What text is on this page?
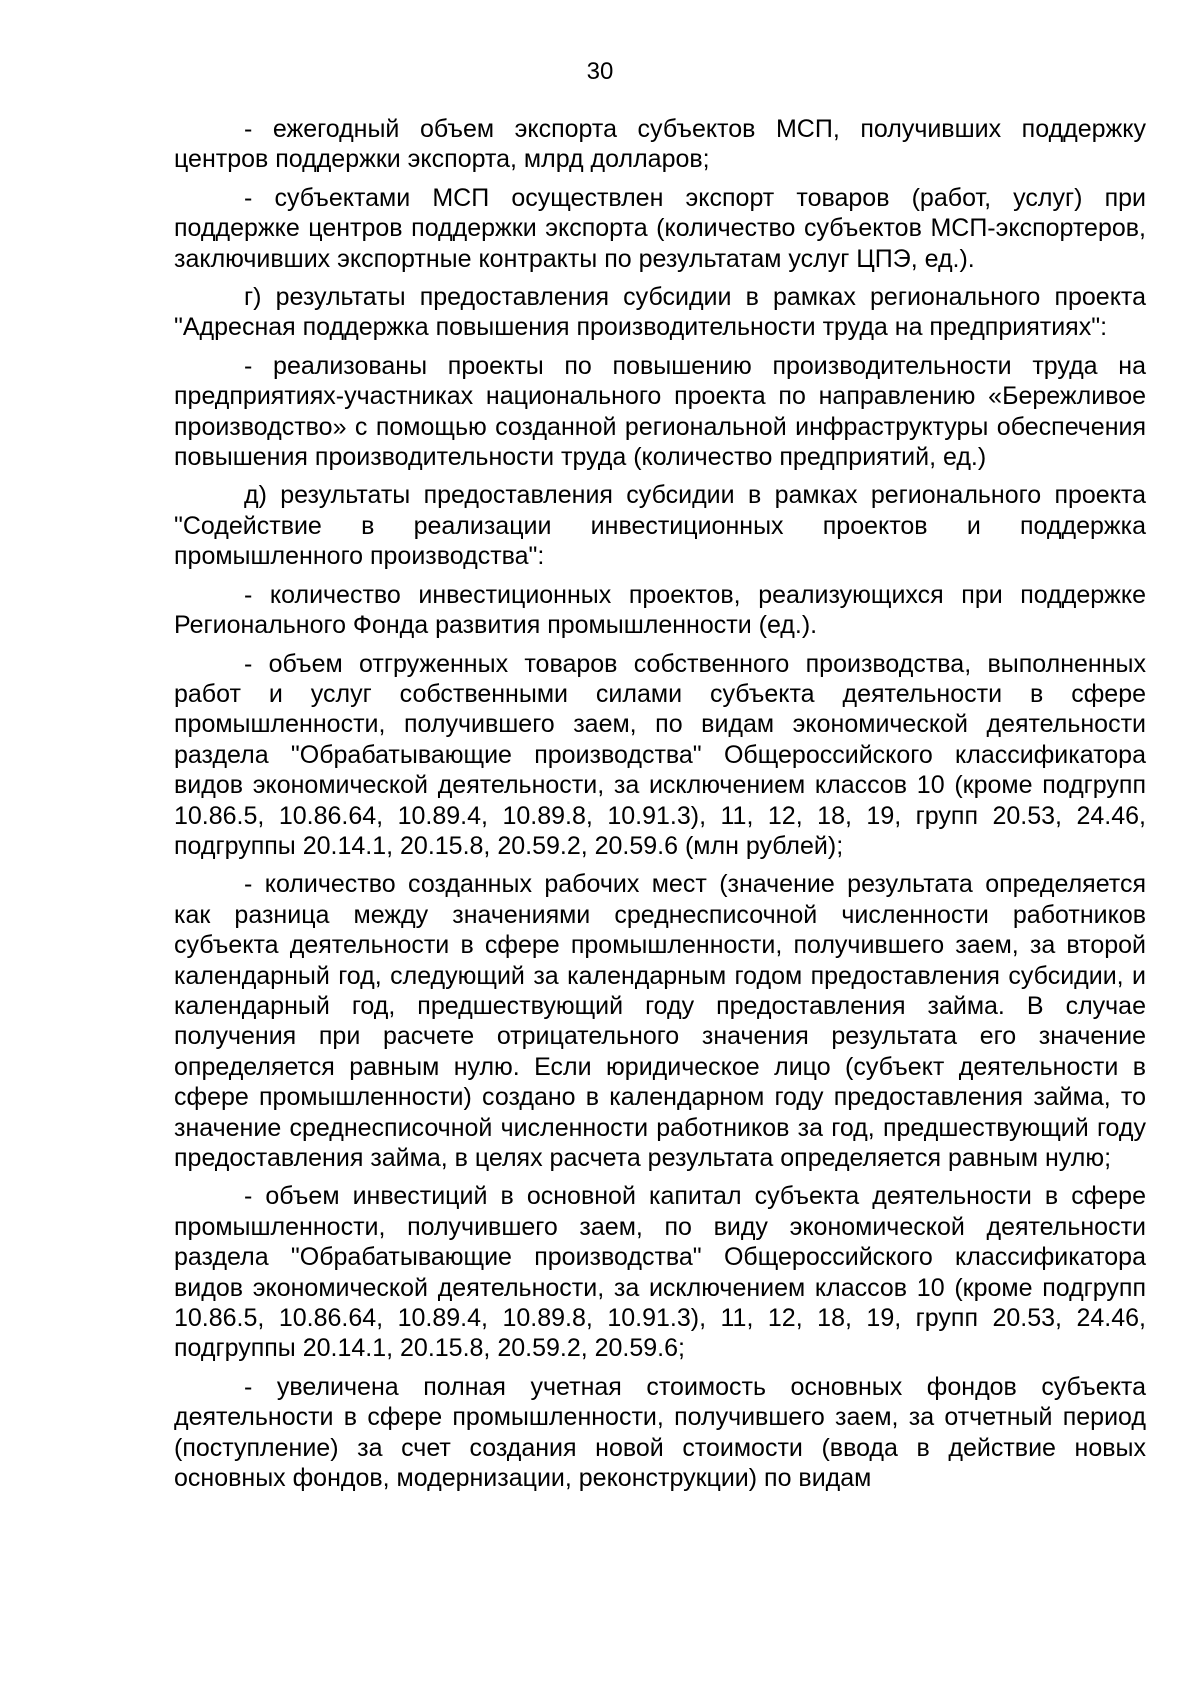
30

- ежегодный объем экспорта субъектов МСП, получивших поддержку центров поддержки экспорта, млрд долларов;

- субъектами МСП осуществлен экспорт товаров (работ, услуг) при поддержке центров поддержки экспорта (количество субъектов МСП-экспортеров, заключивших экспортные контракты по результатам услуг ЦПЭ, ед.).

г) результаты предоставления субсидии в рамках регионального проекта "Адресная поддержка повышения производительности труда на предприятиях":

- реализованы проекты по повышению производительности труда на предприятиях-участниках национального проекта по направлению «Бережливое производство» с помощью созданной региональной инфраструктуры обеспечения повышения производительности труда (количество предприятий, ед.)

д) результаты предоставления субсидии в рамках регионального проекта "Содействие в реализации инвестиционных проектов и поддержка промышленного производства":

- количество инвестиционных проектов, реализующихся при поддержке Регионального Фонда развития промышленности (ед.).

- объем отгруженных товаров собственного производства, выполненных работ и услуг собственными силами субъекта деятельности в сфере промышленности, получившего заем, по видам экономической деятельности раздела "Обрабатывающие производства" Общероссийского классификатора видов экономической деятельности, за исключением классов 10 (кроме подгрупп 10.86.5, 10.86.64, 10.89.4, 10.89.8, 10.91.3), 11, 12, 18, 19, групп 20.53, 24.46, подгруппы 20.14.1, 20.15.8, 20.59.2, 20.59.6 (млн рублей);

- количество созданных рабочих мест (значение результата определяется как разница между значениями среднесписочной численности работников субъекта деятельности в сфере промышленности, получившего заем, за второй календарный год, следующий за календарным годом предоставления субсидии, и календарный год, предшествующий году предоставления займа. В случае получения при расчете отрицательного значения результата его значение определяется равным нулю. Если юридическое лицо (субъект деятельности в сфере промышленности) создано в календарном году предоставления займа, то значение среднесписочной численности работников за год, предшествующий году предоставления займа, в целях расчета результата определяется равным нулю;

- объем инвестиций в основной капитал субъекта деятельности в сфере промышленности, получившего заем, по виду экономической деятельности раздела "Обрабатывающие производства" Общероссийского классификатора видов экономической деятельности, за исключением классов 10 (кроме подгрупп 10.86.5, 10.86.64, 10.89.4, 10.89.8, 10.91.3), 11, 12, 18, 19, групп 20.53, 24.46, подгруппы 20.14.1, 20.15.8, 20.59.2, 20.59.6;

- увеличена полная учетная стоимость основных фондов субъекта деятельности в сфере промышленности, получившего заем, за отчетный период (поступление) за счет создания новой стоимости (ввода в действие новых основных фондов, модернизации, реконструкции) по видам
